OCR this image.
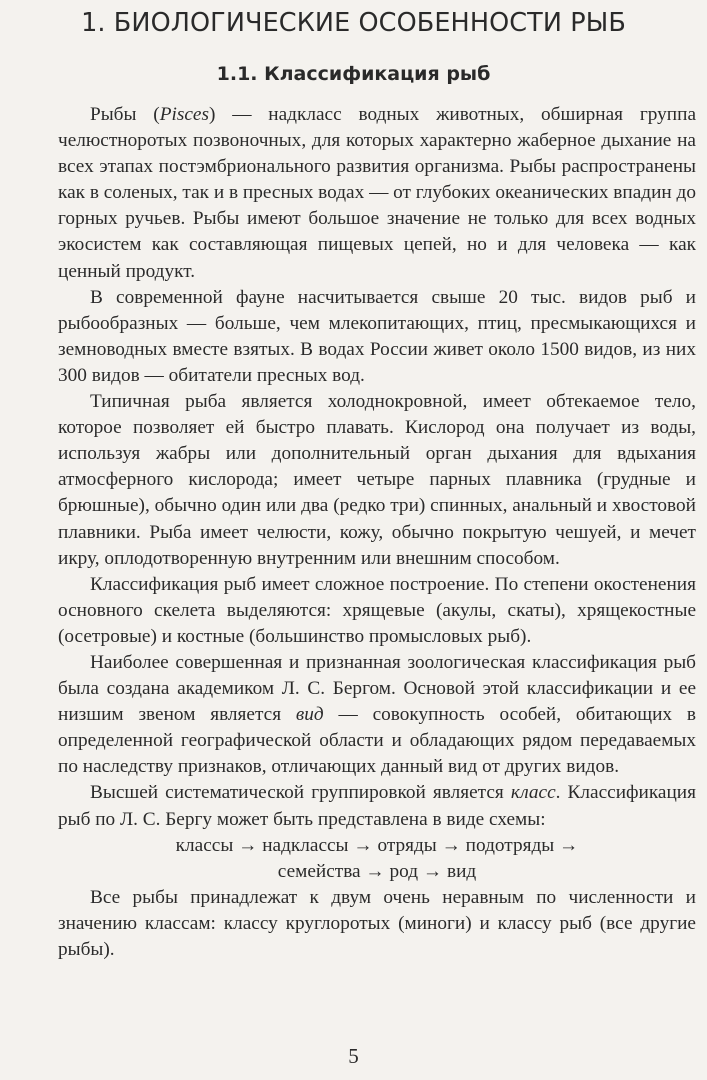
1. БИОЛОГИЧЕСКИЕ ОСОБЕННОСТИ РЫБ
1.1. Классификация рыб

Рыбы (Pisces) — надкласс водных животных, обширная группа челюстноротых позвоночных, для которых характерно жаберное дыхание на всех этапах постэмбрионального развития организма. Рыбы распространены как в соленых, так и в пресных водах — от глубоких океанических впадин до горных ручьев. Рыбы имеют большое значение не только для всех водных экосистем как составляющая пищевых цепей, но и для человека — как ценный продукт.

В современной фауне насчитывается свыше 20 тыс. видов рыб и рыбообразных — больше, чем млекопитающих, птиц, пресмыкающихся и земноводных вместе взятых. В водах России живет около 1500 видов, из них 300 видов — обитатели пресных вод.

Типичная рыба является холоднокровной, имеет обтекаемое тело, которое позволяет ей быстро плавать. Кислород она получает из воды, используя жабры или дополнительный орган дыхания для вдыхания атмосферного кислорода; имеет четыре парных плавника (грудные и брюшные), обычно один или два (редко три) спинных, анальный и хвостовой плавники. Рыба имеет челюсти, кожу, обычно покрытую чешуей, и мечет икру, оплодотворенную внутренним или внешним способом.

Классификация рыб имеет сложное построение. По степени окостенения основного скелета выделяются: хрящевые (акулы, скаты), хрящекостные (осетровые) и костные (большинство промысловых рыб).

Наиболее совершенная и признанная зоологическая классификация рыб была создана академиком Л. С. Бергом. Основой этой классификации и ее низшим звеном является вид — совокупность особей, обитающих в определенной географической области и обладающих рядом передаваемых по наследству признаков, отличающих данный вид от других видов.

Высшей систематической группировкой является класс. Классификация рыб по Л. С. Бергу может быть представлена в виде схемы:

классы → надклассы → отряды → подотряды →

семейства → род → вид

Все рыбы принадлежат к двум очень неравным по численности и значению классам: классу круглоротых (миноги) и классу рыб (все другие рыбы).

5
